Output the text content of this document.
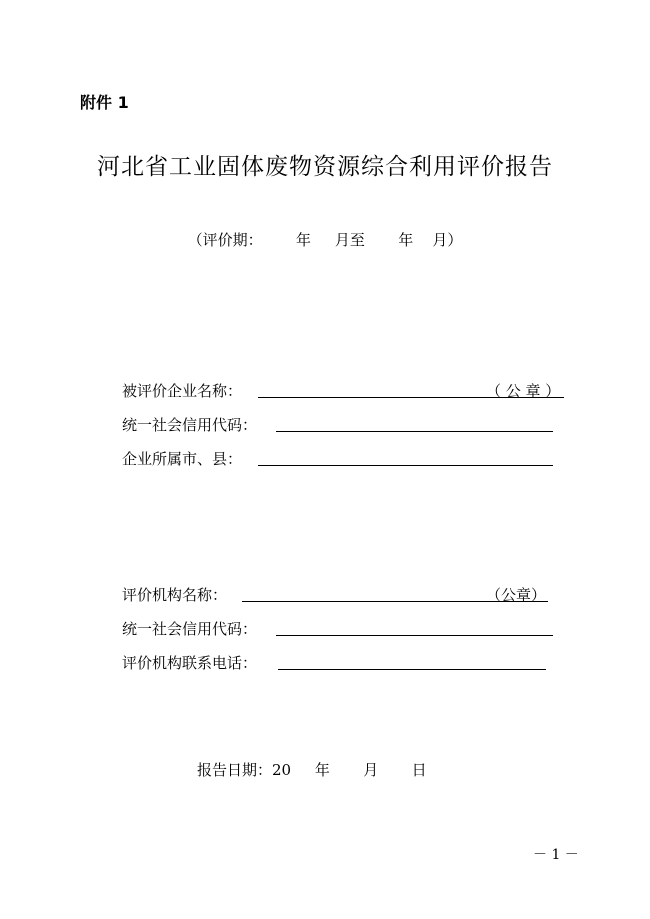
附件 1
河北省工业固体废物资源综合利用评价报告
（评价期：       年     月至       年    月）
被评价企业名称：	（ 公 章 ）
统一社会信用代码：
企业所属市、县：
评价机构名称：	（公章）
统一社会信用代码：
评价机构联系电话：
报告日期：20     年       月       日
－ 1 －
